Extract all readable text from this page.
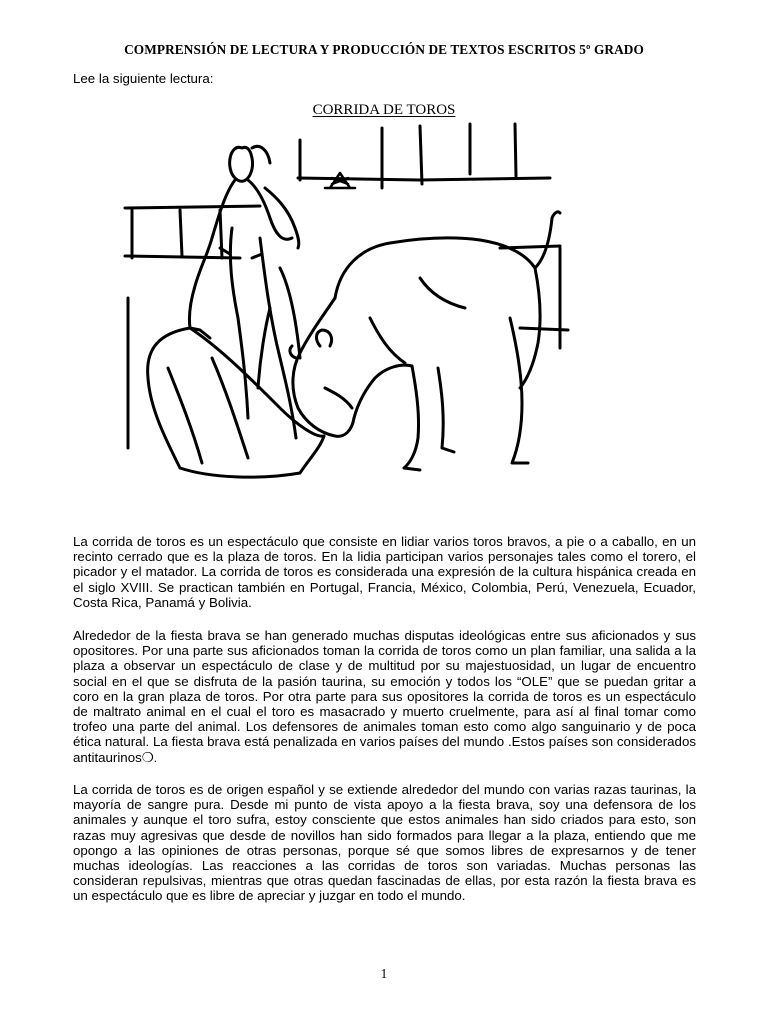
COMPRENSIÓN DE LECTURA Y PRODUCCIÓN DE TEXTOS ESCRITOS 5º GRADO
Lee la siguiente lectura:
CORRIDA DE TOROS

La corrida de toros es un espectáculo que consiste en lidiar varios toros bravos, a pie o a caballo, en un recinto cerrado que es la plaza de toros. En la lidia participan varios personajes tales como el torero, el picador y el matador. La corrida de toros es considerada una expresión de la cultura hispánica creada en el siglo XVIII. Se practican también en Portugal, Francia, México, Colombia, Perú, Venezuela, Ecuador, Costa Rica, Panamá y Bolivia.

Alrededor de la fiesta brava se han generado muchas disputas ideológicas entre sus aficionados y sus opositores. Por una parte sus aficionados toman la corrida de toros como un plan familiar, una salida a la plaza a observar un espectáculo de clase y de multitud por su majestuosidad, un lugar de encuentro social en el que se disfruta de la pasión taurina, su emoción y todos los “OLE” que se puedan gritar a coro en la gran plaza de toros. Por otra parte para sus opositores la corrida de toros es un espectáculo de maltrato animal en el cual el toro es masacrado y muerto cruelmente, para así al final tomar como trofeo una parte del animal. Los defensores de animales toman esto como algo sanguinario y de poca ética natural. La fiesta brava está penalizada en varios países del mundo .Estos países son considerados antitaurinos❍.

La corrida de toros es de origen español y se extiende alrededor del mundo con varias razas taurinas, la mayoría de sangre pura. Desde mi punto de vista apoyo a la fiesta brava, soy una defensora de los animales y aunque el toro sufra, estoy consciente que estos animales han sido criados para esto, son razas muy agresivas que desde de novillos han sido formados para llegar a la plaza, entiendo que me opongo a las opiniones de otras personas, porque sé que somos libres de expresarnos y de tener muchas ideologías. Las reacciones a las corridas de toros son variadas. Muchas personas las consideran repulsivas, mientras que otras quedan fascinadas de ellas, por esta razón la fiesta brava es un espectáculo que es libre de apreciar y juzgar en todo el mundo.

1
